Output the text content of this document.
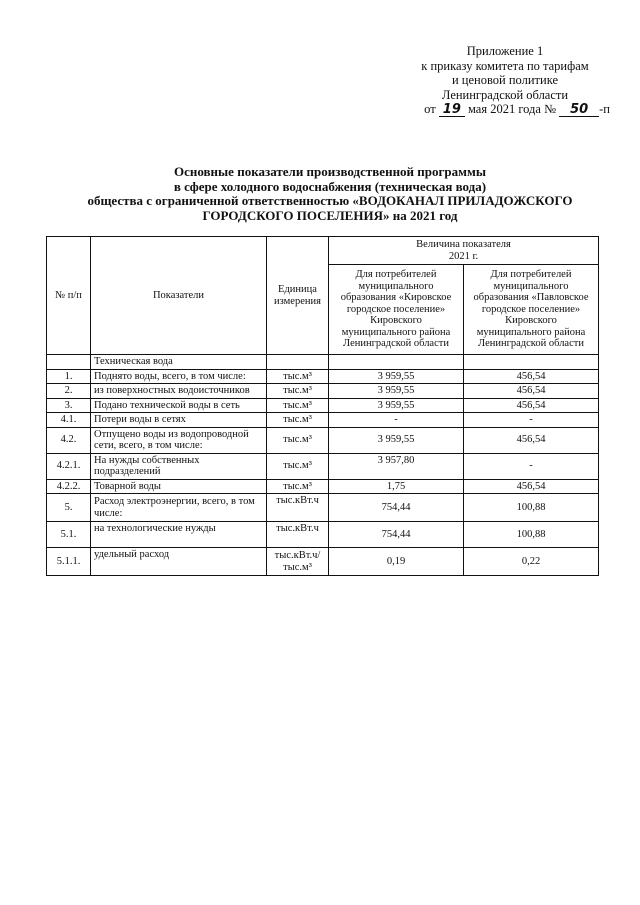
Приложение 1
к приказу комитета по тарифам
и ценовой политике
Ленинградской области
от 19 мая 2021 года № 50 -п
Основные показатели производственной программы
в сфере холодного водоснабжения (техническая вода)
общества с ограниченной ответственностью «ВОДОКАНАЛ ПРИЛАДОЖСКОГО
ГОРОДСКОГО ПОСЕЛЕНИЯ» на 2021 год
№ п/п	Показатели	Единица измерения	Величина показателя
2021 г.	
			Для потребителей муниципального образования «Кировское городское поселение» Кировского муниципального района Ленинградской области	Для потребителей муниципального образования «Павловское городское поселение» Кировского муниципального района Ленинградской области
	Техническая вода			
1.	Поднято воды, всего, в том числе:	тыс.м³	3 959,55	456,54
2.	из поверхностных водоисточников	тыс.м³	3 959,55	456,54
3.	Подано технической воды в сеть	тыс.м³	3 959,55	456,54
4.1.	Потери воды в сетях	тыс.м³	-	-
4.2.	Отпущено воды из водопроводной сети, всего, в том числе:	тыс.м³	3 959,55	456,54
4.2.1.	На нужды собственных подразделений	тыс.м³	3 957,80	-
4.2.2.	Товарной воды	тыс.м³	1,75	456,54
5.	Расход электроэнергии, всего, в том числе:	тыс.кВт.ч	754,44	100,88
5.1.	на технологические нужды	тыс.кВт.ч	754,44	100,88
5.1.1.	удельный расход	тыс.кВт.ч/ тыс.м³	0,19	0,22
